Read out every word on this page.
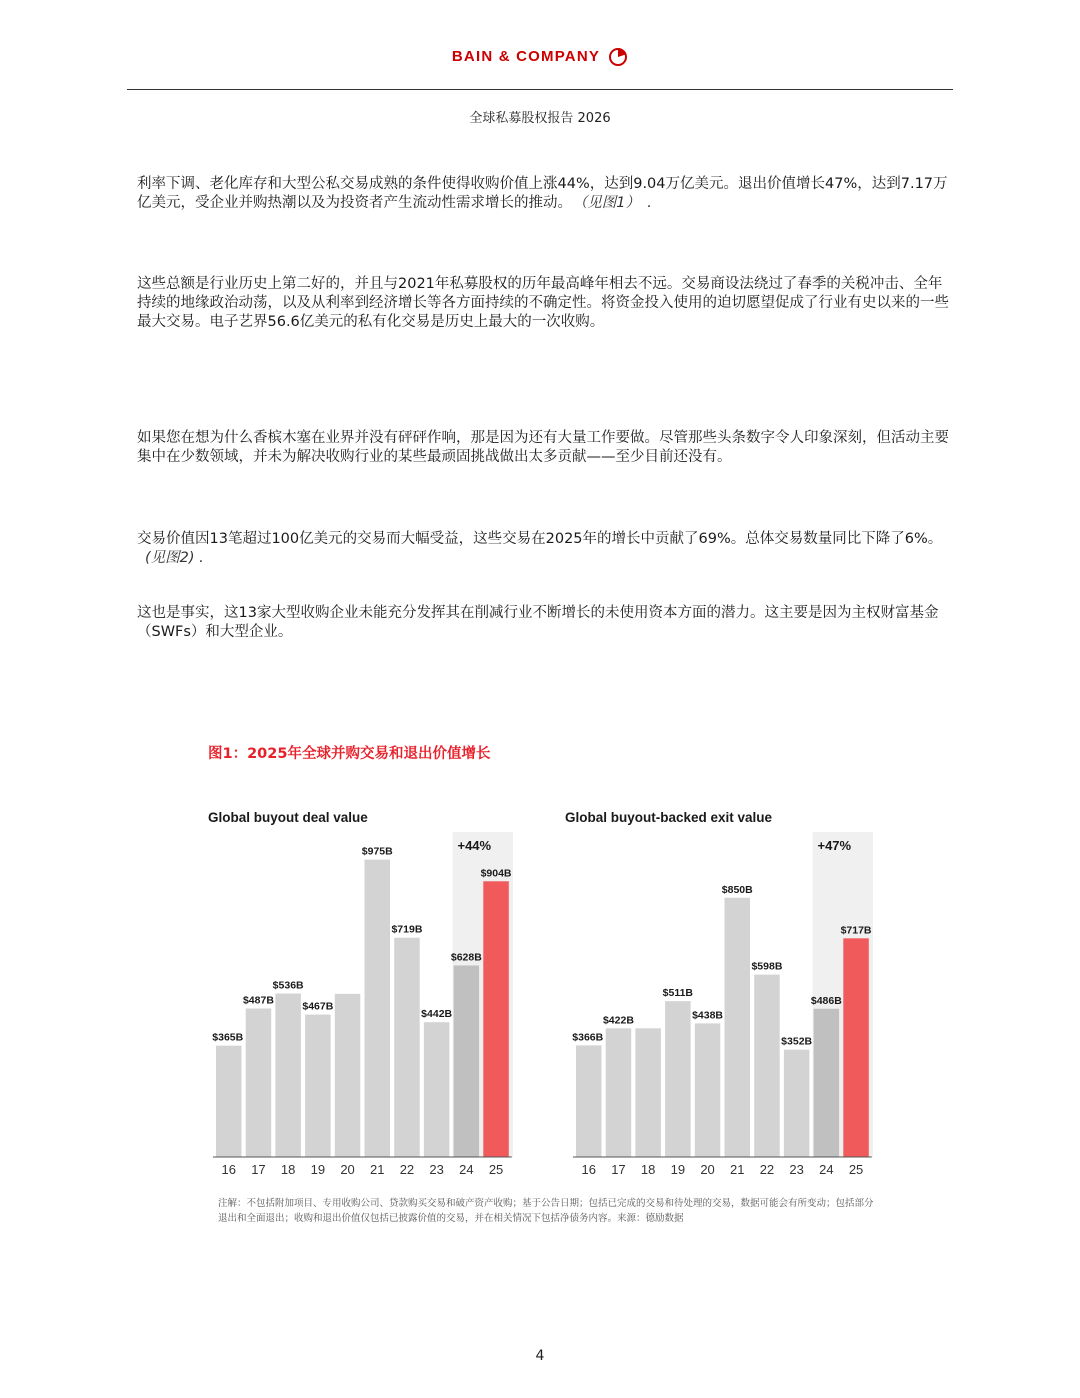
BAIN & COMPANY
全球私募股权报告 2026

利率下调、老化库存和大型公私交易成熟的条件使得收购价值上涨44%，达到9.04万亿美元。退出价值增长47%，达到7.17万亿美元，受企业并购热潮以及为投资者产生流动性需求增长的推动。 （见图1）　.

这些总额是行业历史上第二好的，并且与2021年私募股权的历年最高峰年相去不远。交易商设法绕过了春季的关税冲击、全年持续的地缘政治动荡，以及从利率到经济增长等各方面持续的不确定性。将资金投入使用的迫切愿望促成了行业有史以来的一些最大交易。电子艺界56.6亿美元的私有化交易是历史上最大的一次收购。

如果您在想为什么香槟木塞在业界并没有砰砰作响，那是因为还有大量工作要做。尽管那些头条数字令人印象深刻，但活动主要集中在少数领域，并未为解决收购行业的某些最顽固挑战做出太多贡献——至少目前还没有。

交易价值因13笔超过100亿美元的交易而大幅受益，这些交易在2025年的增长中贡献了69%。总体交易数量同比下降了6%。(见图2) .

这也是事实，这13家大型收购企业未能充分发挥其在削减行业不断增长的未使用资本方面的潜力。这主要是因为主权财富基金（SWFs）和大型企业。

图1：2025年全球并购交易和退出价值增长
Global buyout deal value
+44%
$365B
16
$487B
17
$536B
18
$467B
19 20
$975B
21
$719B
22
$442B
23
$628B
24
$904B
25
Global buyout-backed exit value
+47%
$366B
16
$422B
17 18
$511B
19
$438B
20
$850B
21
$598B
22
$352B
23
$486B
24
$717B
25
注解：不包括附加项目、专用收购公司、贷款购买交易和破产资产收购；基于公告日期；包括已完成的交易和待处理的交易，数据可能会有所变动；包括部分退出和全面退出；收购和退出价值仅包括已披露价值的交易，并在相关情况下包括净债务内容。来源：德励数据
4
